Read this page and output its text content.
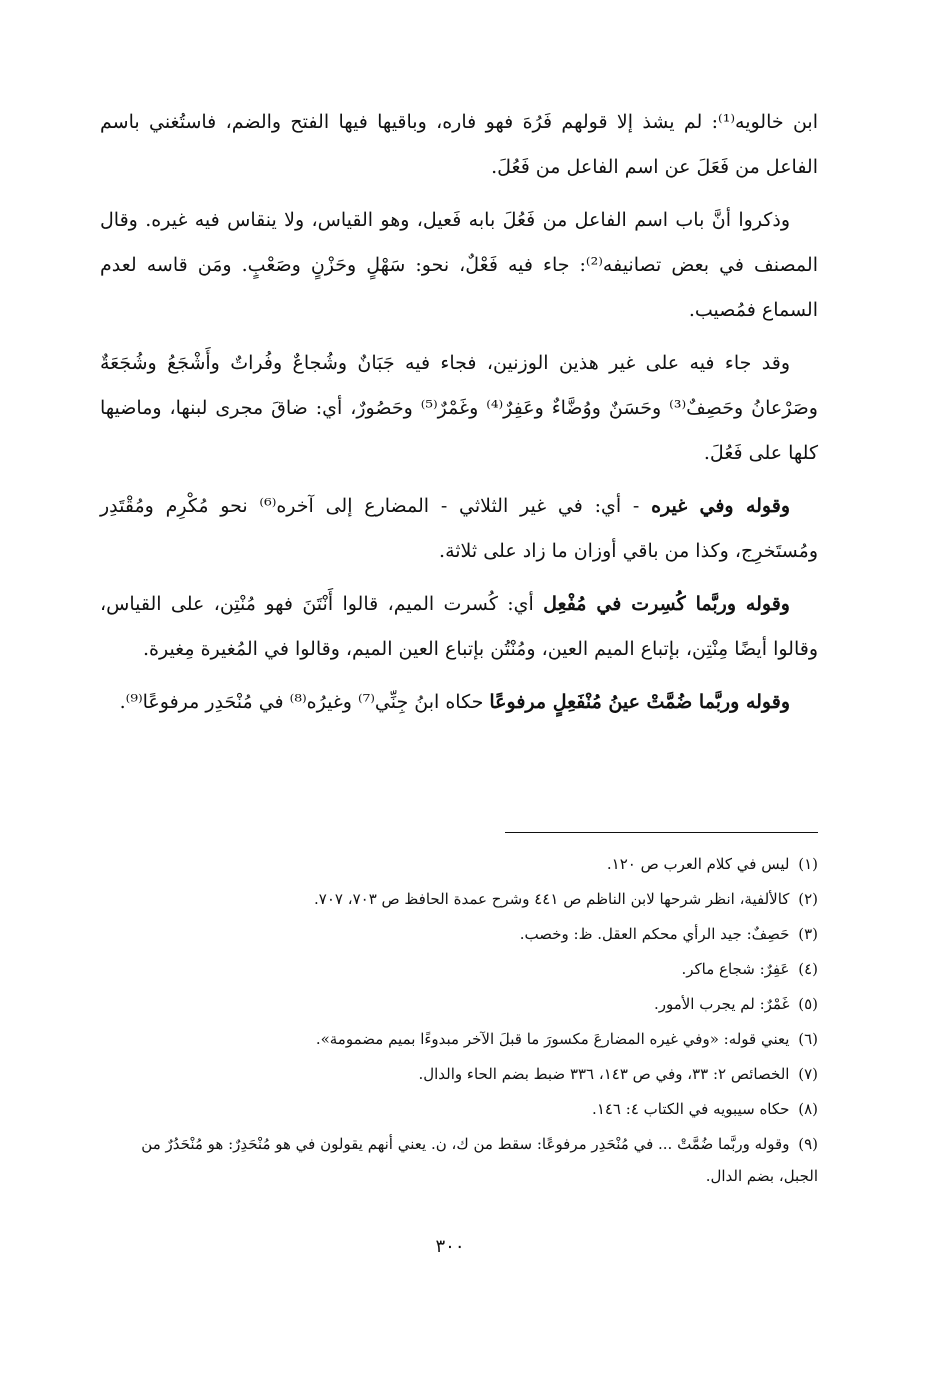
ابن خالويه⁽¹⁾: لم يشذ إلا قولهم فَرُهَ فهو فاره، وباقيها فيها الفتح والضم، فاستُغني باسم الفاعل من فَعَلَ عن اسم الفاعل من فَعُلَ.

وذكروا أنَّ باب اسم الفاعل من فَعُلَ بابه فَعيل، وهو القياس، ولا ينقاس فيه غيره. وقال المصنف في بعض تصانيفه⁽²⁾: جاء فيه فَعْلٌ، نحو: سَهْلٍ وحَزْنٍ وصَعْبٍ. ومَن قاسه لعدم السماع فمُصيب.

وقد جاء فيه على غير هذين الوزنين، فجاء فيه جَبَانٌ وشُجاعٌ وفُراتٌ وأَشْجَعُ وشُجَعَةٌ وصَرْعانُ وحَصِفٌ⁽³⁾ وحَسَنٌ ووُضَّاءٌ وعَفِرٌ⁽⁴⁾ وغَمْرٌ⁽⁵⁾ وحَصُورٌ، أي: ضاقَ مجرى لبنها، وماضيها كلها على فَعُلَ.

وقوله وفي غيره - أي: في غير الثلاثي - المضارع إلى آخره⁽⁶⁾ نحو مُكْرِم ومُقْتَدِر ومُستَخرِج، وكذا من باقي أوزان ما زاد على ثلاثة.

وقوله وربَّما كُسِرت في مُفْعِل أي: كُسرت الميم، قالوا أَنْتَنَ فهو مُنْتِن، على القياس، وقالوا أيضًا مِنْتِن، بإتباع الميم العين، ومُنْتُن بإتباع العين الميم، وقالوا في المُغيرة مِغيرة.

وقوله وربَّما ضُمَّتْ عينُ مُنْفَعِلٍ مرفوعًا حكاه ابنُ جِنِّي⁽⁷⁾ وغيرُه⁽⁸⁾ في مُنْحَدِر مرفوعًا⁽⁹⁾.

(١) ليس في كلام العرب ص ١٢٠.

(٢) كالألفية، انظر شرحها لابن الناظم ص ٤٤١ وشرح عمدة الحافظ ص ٧٠٣، ٧٠٧.

(٣) حَصِفٌ: جيد الرأي محكم العقل. ظ: وخصب.

(٤) عَفِرٌ: شجاع ماكر.

(٥) غَمْرٌ: لم يجرب الأمور.

(٦) يعني قوله: «وفي غيره المضارعَ مكسورَ ما قبلَ الآخر مبدوءًا بميم مضمومة».

(٧) الخصائص ٢: ٣٣، وفي ص ١٤٣، ٣٣٦ ضبط بضم الحاء والدال.

(٨) حكاه سيبويه في الكتاب ٤: ١٤٦.

(٩) وقوله وربَّما ضُمَّتْ ... في مُنْحَدِر مرفوعًا: سقط من ك، ن. يعني أنهم يقولون في هو مُنْحَدِرٌ: هو مُنْحَدُرٌ من الجبل، بضم الدال.

٣٠٠
